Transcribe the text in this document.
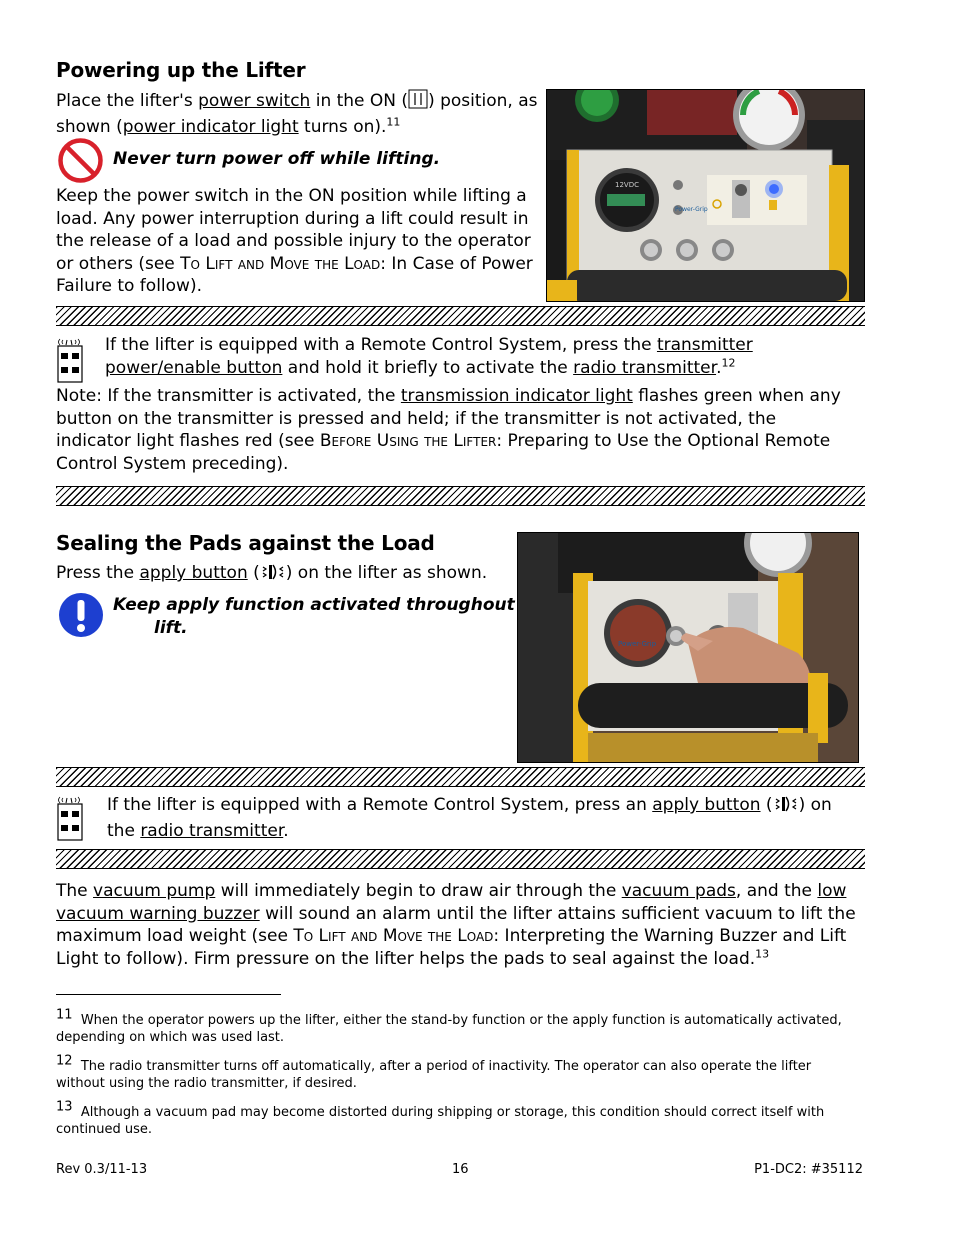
Powering up the Lifter
Place the lifter's power switch in the ON ( ) position, as shown (power indicator light turns on).$^{11}$
Never turn power off while lifting.
Keep the power switch in the ON position while lifting a load. Any power interruption during a lift could result in the release of a load and possible injury to the operator or others (see To Lift and Move the Load: In Case of Power Failure to follow).
12VDC
Power-Grip
If the lifter is equipped with a Remote Control System, press the transmitter power/enable button and hold it briefly to activate the radio transmitter.$^{12}$
Note: If the transmitter is activated, the transmission indicator light flashes green when any button on the transmitter is pressed and held; if the transmitter is not activated, the indicator light flashes red (see Before Using the Lifter: Preparing to Use the Optional Remote Control System preceding).
Sealing the Pads against the Load
Press the apply button ( ) on the lifter as shown.
Keep apply function activated throughout
lift.
Power-Grip
If the lifter is equipped with a Remote Control System, press an apply button ( ) on the radio transmitter.
The vacuum pump will immediately begin to draw air through the vacuum pads, and the low vacuum warning buzzer will sound an alarm until the lifter attains sufficient vacuum to lift the maximum load weight (see To Lift and Move the Load: Interpreting the Warning Buzzer and Lift Light to follow). Firm pressure on the lifter helps the pads to seal against the load.$^{13}$
11 When the operator powers up the lifter, either the stand-by function or the apply function is automatically activated, depending on which was used last.
12 The radio transmitter turns off automatically, after a period of inactivity. The operator can also operate the lifter without using the radio transmitter, if desired.
13 Although a vacuum pad may become distorted during shipping or storage, this condition should correct itself with continued use.
Rev 0.3/11-13	16	P1-DC2: #35112
